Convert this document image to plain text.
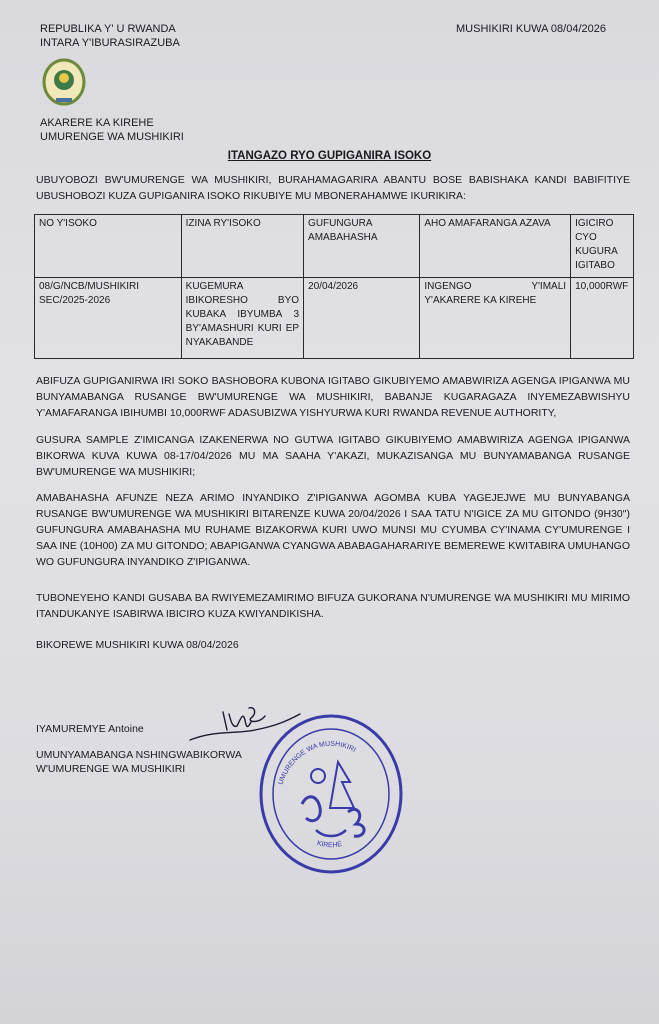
REPUBLIKA Y' U RWANDA
INTARA Y'IBURASIRAZUBA
MUSHIKIRI KUWA 08/04/2026
AKARERE KA KIREHE
UMURENGE WA MUSHIKIRI
ITANGAZO RYO GUPIGANIRA ISOKO
UBUYOBOZI BW'UMURENGE WA MUSHIKIRI, BURAHAMAGARIRA ABANTU BOSE BABISHAKA KANDI BABIFITIYE UBUSHOBOZI KUZA GUPIGANIRA ISOKO RIKUBIYE MU MBONERAHAMWE IKURIKIRA:
NO Y'ISOKO	IZINA RY'ISOKO	GUFUNGURA AMABAHASHA	AHO AMAFARANGA AZAVA	IGICIRO CYO KUGURA IGITABO
08/G/NCB/MUSHIKIRI SEC/2025-2026	KUGEMURA IBIKORESHO BYO KUBAKA IBYUMBA 3 BY'AMASHURI KURI EP NYAKABANDE	20/04/2026	INGENGO Y'IMALI Y'AKARERE KA KIREHE	10,000RWF
ABIFUZA GUPIGANIRWA IRI SOKO BASHOBORA KUBONA IGITABO GIKUBIYEMO AMABWIRIZA AGENGA IPIGANWA MU BUNYAMABANGA RUSANGE BW'UMURENGE WA MUSHIKIRI, BABANJE KUGARAGAZA INYEMEZABWISHYU Y'AMAFARANGA IBIHUMBI 10,000RWF ADASUBIZWA YISHYURWA KURI RWANDA REVENUE AUTHORITY,
GUSURA SAMPLE Z'IMICANGA IZAKENERWA NO GUTWA IGITABO GIKUBIYEMO AMABWIRIZA AGENGA IPIGANWA BIKORWA KUVA KUWA 08-17/04/2026 MU MA SAAHA Y'AKAZI, MUKAZISANGA MU BUNYAMABANGA RUSANGE BW'UMURENGE WA MUSHIKIRI;
AMABAHASHA AFUNZE NEZA ARIMO INYANDIKO Z'IPIGANWA AGOMBA KUBA YAGEJEJWE MU BUNYABANGA RUSANGE BW'UMURENGE WA MUSHIKIRI BITARENZE KUWA 20/04/2026 I SAA TATU N'IGICE ZA MU GITONDO (9H30") GUFUNGURA AMABAHASHA MU RUHAME BIZAKORWA KURI UWO MUNSI MU CYUMBA CY'INAMA CY'UMURENGE I SAA INE (10H00) ZA MU GITONDO; ABAPIGANWA CYANGWA ABABAGAHARARIYE BEMEREWE KWITABIRA UMUHANGO WO GUFUNGURA INYANDIKO Z'IPIGANWA.
TUBONEYEHO KANDI GUSABA BA RWIYEMEZAMIRIMO BIFUZA GUKORANA N'UMURENGE WA MUSHIKIRI MU MIRIMO ITANDUKANYE ISABIRWA IBICIRO KUZA KWIYANDIKISHA.
BIKOREWE MUSHIKIRI KUWA 08/04/2026
IYAMUREMYE Antoine
UMUNYAMABANGA NSHINGWABIKORWA
W'UMURENGE WA MUSHIKIRI
UMURENGE WA MUSHIKIRI
KIREHE
